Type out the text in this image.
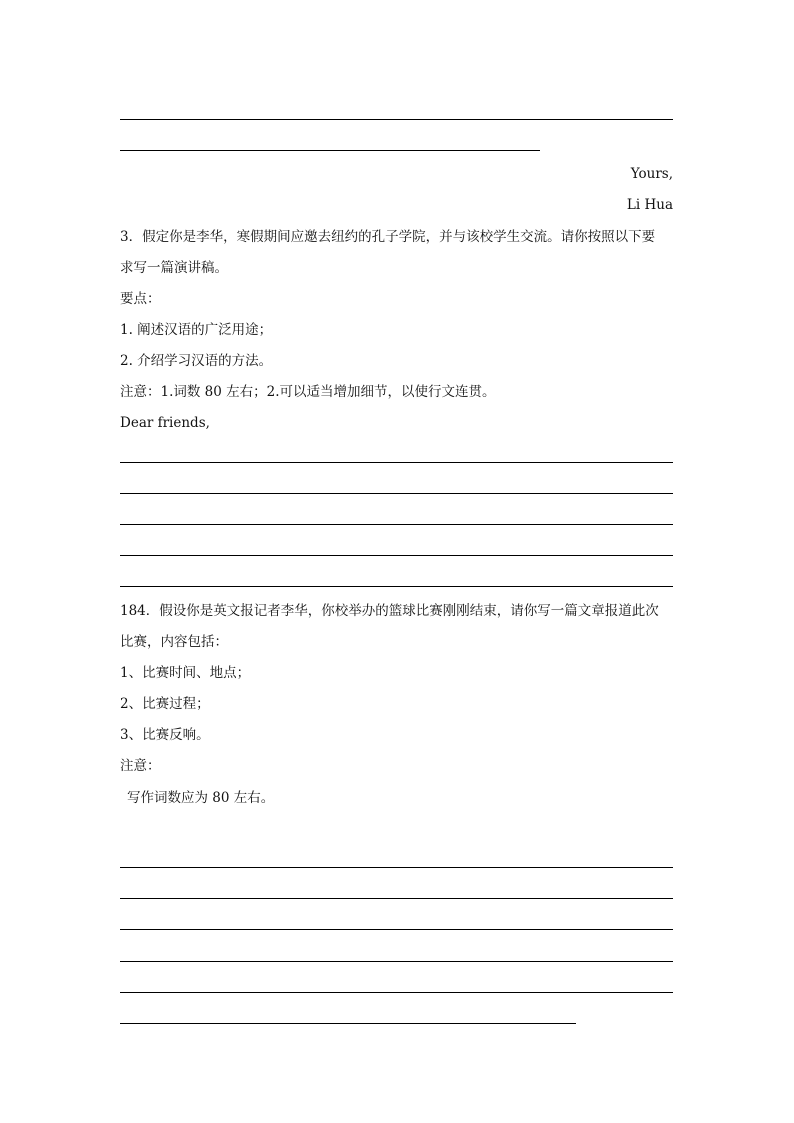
Yours,
Li Hua
3．假定你是李华，寒假期间应邀去纽约的孔子学院，并与该校学生交流。请你按照以下要
求写一篇演讲稿。
要点：
1. 阐述汉语的广泛用途；
2. 介绍学习汉语的方法。
注意：1.词数 80 左右；2.可以适当增加细节，以使行文连贯。
Dear friends,
184．假设你是英文报记者李华，你校举办的篮球比赛刚刚结束，请你写一篇文章报道此次
比赛，内容包括：
1、比赛时间、地点；
2、比赛过程；
3、比赛反响。
注意：
写作词数应为 80 左右。
